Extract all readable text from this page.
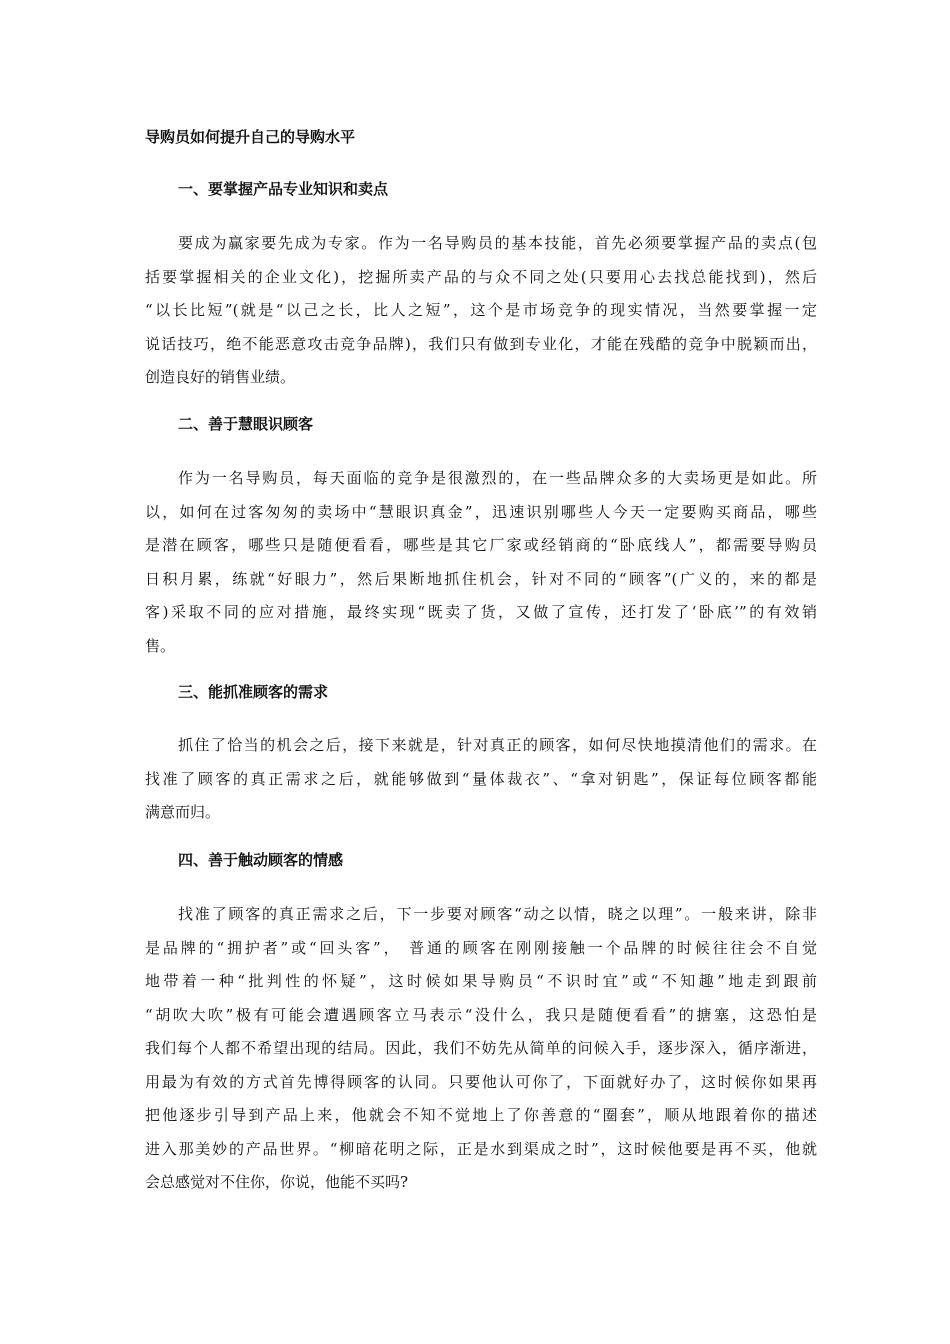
导购员如何提升自己的导购水平
一、要掌握产品专业知识和卖点
要成为赢家要先成为专家。作为一名导购员的基本技能，首先必须要掌握产品的卖点(包
括要掌握相关的企业文化)，挖掘所卖产品的与众不同之处(只要用心去找总能找到)，然后
“以长比短”(就是“以己之长，比人之短”，这个是市场竞争的现实情况，当然要掌握一定
说话技巧，绝不能恶意攻击竞争品牌)，我们只有做到专业化，才能在残酷的竞争中脱颖而出，
创造良好的销售业绩。
二、善于慧眼识顾客
作为一名导购员，每天面临的竞争是很激烈的，在一些品牌众多的大卖场更是如此。所
以，如何在过客匆匆的卖场中“慧眼识真金”，迅速识别哪些人今天一定要购买商品，哪些
是潜在顾客，哪些只是随便看看，哪些是其它厂家或经销商的“卧底线人”，都需要导购员
日积月累，练就“好眼力”，然后果断地抓住机会，针对不同的“顾客”(广义的，来的都是
客)采取不同的应对措施，最终实现“既卖了货，又做了宣传，还打发了‘卧底’”的有效销
售。
三、能抓准顾客的需求
抓住了恰当的机会之后，接下来就是，针对真正的顾客，如何尽快地摸清他们的需求。在
找准了顾客的真正需求之后，就能够做到“量体裁衣”、“拿对钥匙”，保证每位顾客都能
满意而归。
四、善于触动顾客的情感
找准了顾客的真正需求之后，下一步要对顾客“动之以情，晓之以理”。一般来讲，除非
是品牌的“拥护者”或“回头客”， 普通的顾客在刚刚接触一个品牌的时候往往会不自觉
地带着一种“批判性的怀疑”，这时候如果导购员“不识时宜”或“不知趣”地走到跟前
“胡吹大吹”极有可能会遭遇顾客立马表示“没什么，我只是随便看看”的搪塞，这恐怕是
我们每个人都不希望出现的结局。因此，我们不妨先从简单的问候入手，逐步深入，循序渐进，
用最为有效的方式首先博得顾客的认同。只要他认可你了，下面就好办了，这时候你如果再
把他逐步引导到产品上来，他就会不知不觉地上了你善意的“圈套”，顺从地跟着你的描述
进入那美妙的产品世界。“柳暗花明之际，正是水到渠成之时”，这时候他要是再不买，他就
会总感觉对不住你，你说，他能不买吗?
